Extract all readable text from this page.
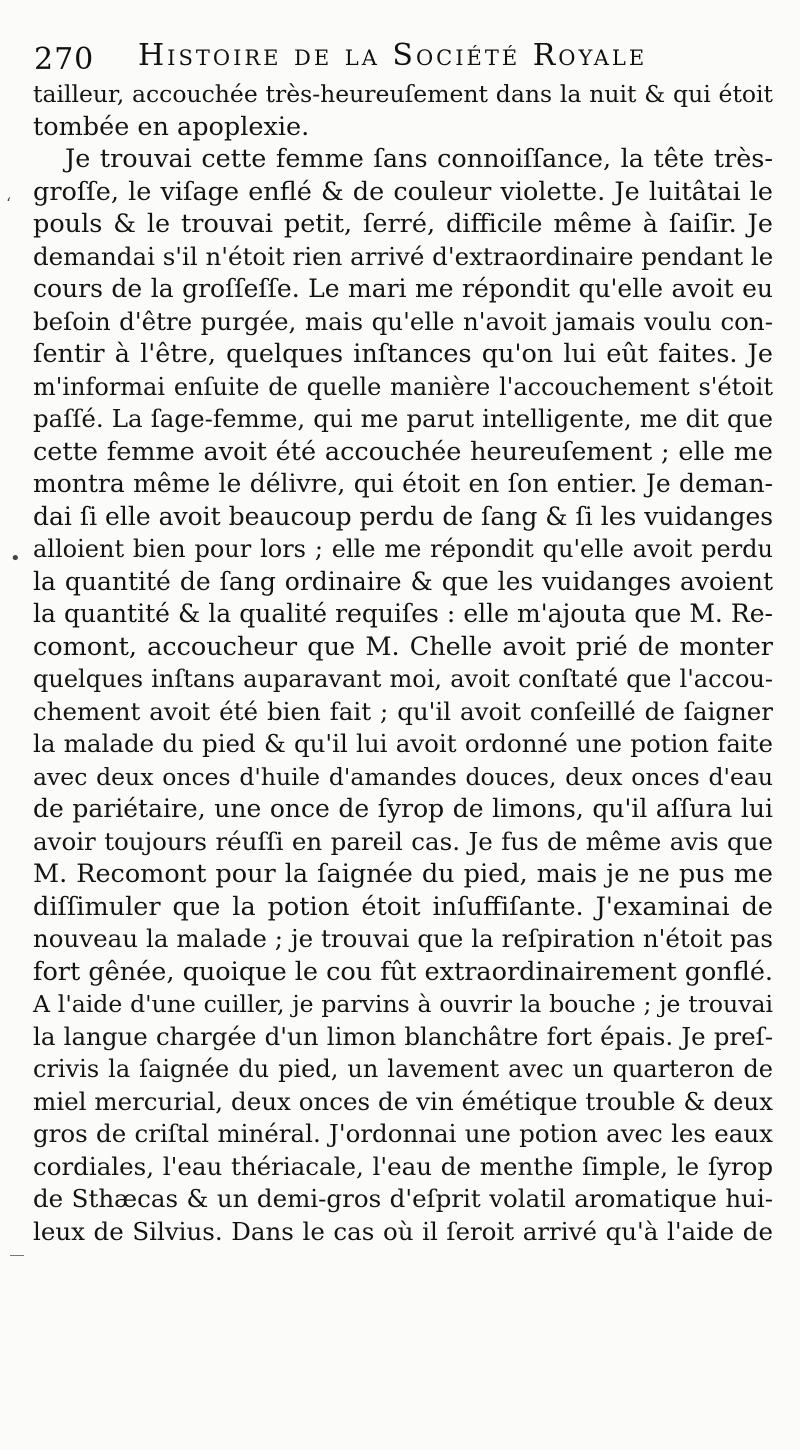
270 Histoire de la Société Royale
‘
•
tailleur, accouchée très-heureuſement dans la nuit & qui étoit
tombée en apoplexie.
Je trouvai cette femme ſans connoiſſance, la tête très-
groſſe, le viſage enflé & de couleur violette. Je luitâtai le
pouls & le trouvai petit, ſerré, difficile même à ſaiſir. Je
demandai s'il n'étoit rien arrivé d'extraordinaire pendant le
cours de la groſſeſſe. Le mari me répondit qu'elle avoit eu
beſoin d'être purgée, mais qu'elle n'avoit jamais voulu con-
ſentir à l'être, quelques inſtances qu'on lui eût faites. Je
m'informai enſuite de quelle manière l'accouchement s'étoit
paſſé. La ſage-femme, qui me parut intelligente, me dit que
cette femme avoit été accouchée heureuſement ; elle me
montra même le délivre, qui étoit en ſon entier. Je deman-
dai ſi elle avoit beaucoup perdu de ſang & ſi les vuidanges
alloient bien pour lors ; elle me répondit qu'elle avoit perdu
la quantité de ſang ordinaire & que les vuidanges avoient
la quantité & la qualité requiſes : elle m'ajouta que M. Re-
comont, accoucheur que M. Chelle avoit prié de monter
quelques inſtans auparavant moi, avoit conſtaté que l'accou-
chement avoit été bien fait ; qu'il avoit conſeillé de ſaigner
la malade du pied & qu'il lui avoit ordonné une potion faite
avec deux onces d'huile d'amandes douces, deux onces d'eau
de pariétaire, une once de ſyrop de limons, qu'il aſſura lui
avoir toujours réuſſi en pareil cas. Je fus de même avis que
M. Recomont pour la ſaignée du pied, mais je ne pus me
diſſimuler que la potion étoit inſuffiſante. J'examinai de
nouveau la malade ; je trouvai que la reſpiration n'étoit pas
fort gênée, quoique le cou fût extraordinairement gonflé.
A l'aide d'une cuiller, je parvins à ouvrir la bouche ; je trouvai
la langue chargée d'un limon blanchâtre fort épais. Je preſ-
crivis la ſaignée du pied, un lavement avec un quarteron de
miel mercurial, deux onces de vin émétique trouble & deux
gros de criſtal minéral. J'ordonnai une potion avec les eaux
cordiales, l'eau thériacale, l'eau de menthe ſimple, le ſyrop
de Sthæcas & un demi-gros d'eſprit volatil aromatique hui-
leux de Silvius. Dans le cas où il ſeroit arrivé qu'à l'aide de
